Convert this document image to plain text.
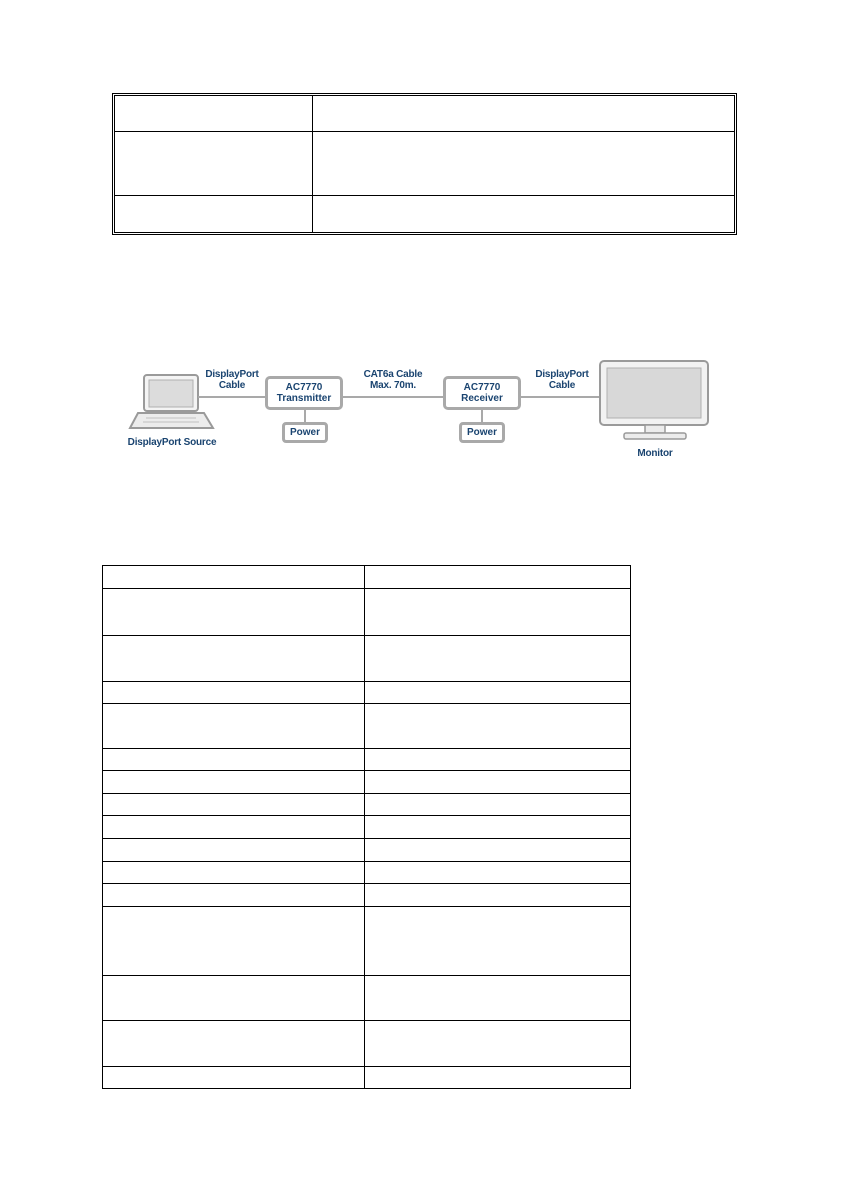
DisplayPort
Cable	AC7770
Transmitter
CAT6a Cable
Max. 70m.	AC7770
Receiver
DisplayPort
Cable
Power	Power
DisplayPort Source
Monitor
